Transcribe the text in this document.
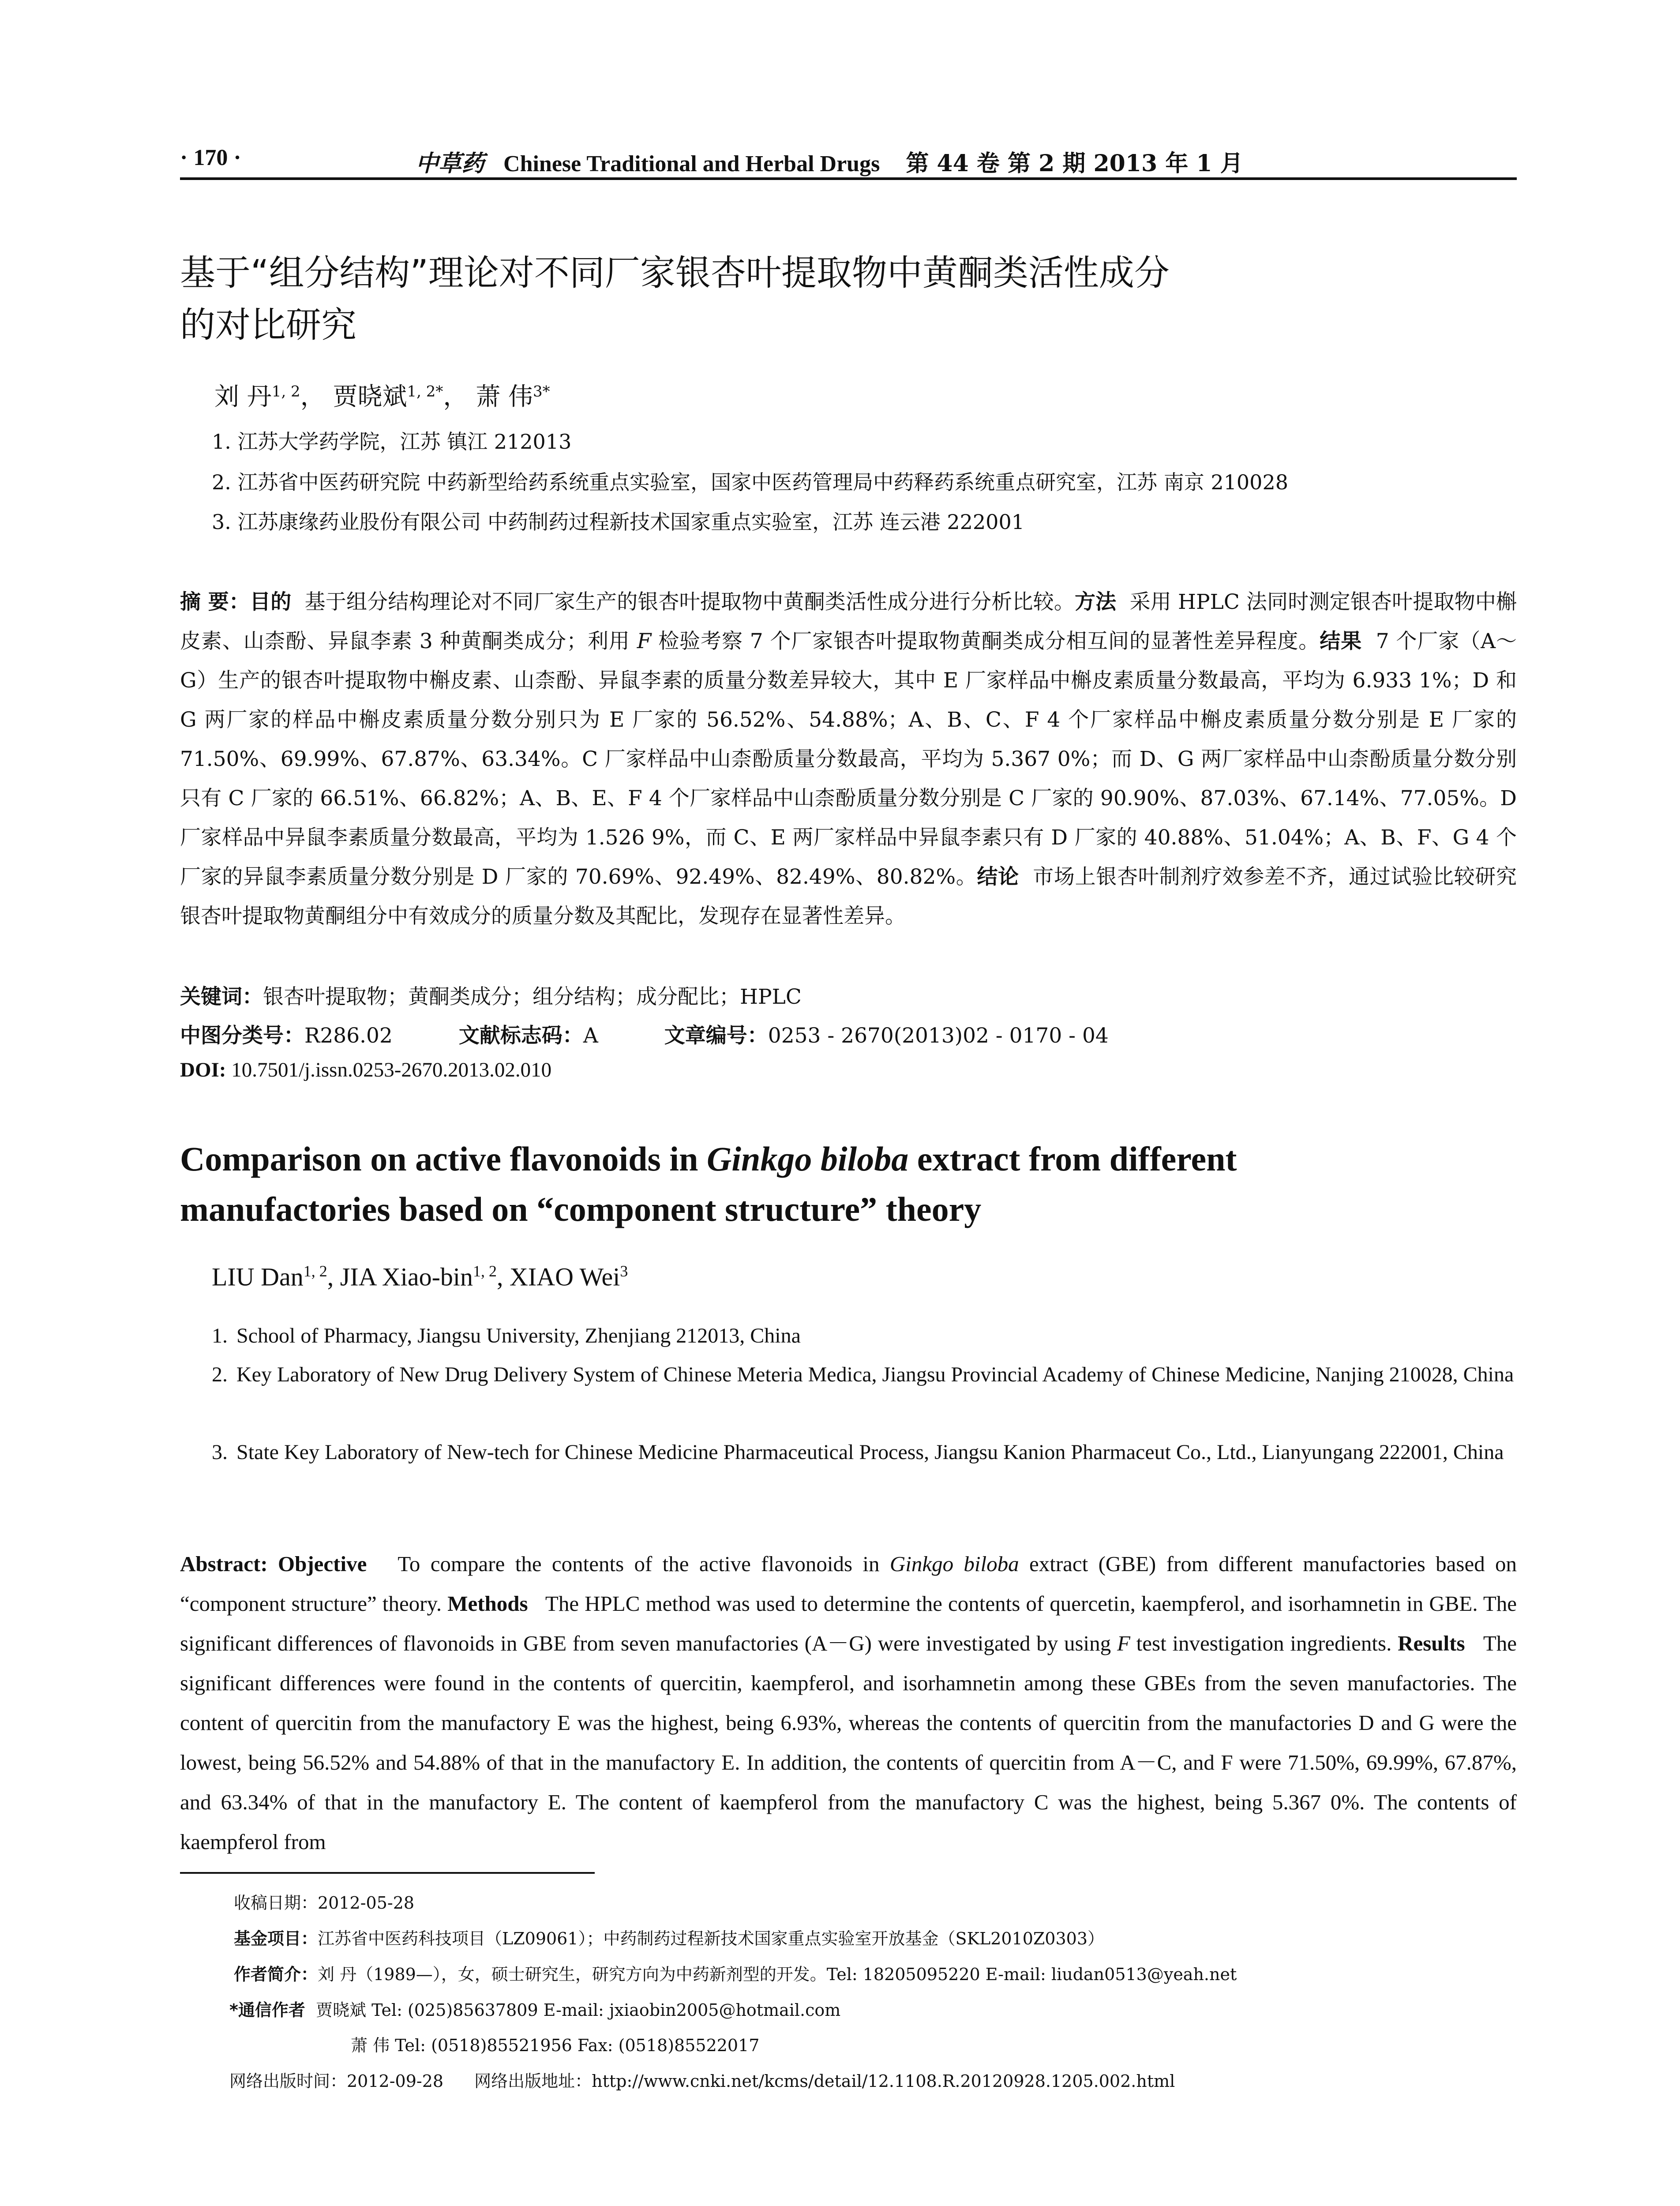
· 170 ·	中草药 Chinese Traditional and Herbal Drugs 第 44 卷 第 2 期 2013 年 1 月
基于“组分结构”理论对不同厂家银杏叶提取物中黄酮类活性成分
的对比研究
刘 丹$^{1, 2}$， 贾晓斌$^{1, 2*}$， 萧 伟$^{3*}$
1. 江苏大学药学院，江苏 镇江 212013
2. 江苏省中医药研究院 中药新型给药系统重点实验室，国家中医药管理局中药释药系统重点研究室，江苏 南京 210028
3. 江苏康缘药业股份有限公司 中药制药过程新技术国家重点实验室，江苏 连云港 222001
摘 要：目的 基于组分结构理论对不同厂家生产的银杏叶提取物中黄酮类活性成分进行分析比较。方法 采用 HPLC 法同时测定银杏叶提取物中槲皮素、山柰酚、异鼠李素 3 种黄酮类成分；利用 F 检验考察 7 个厂家银杏叶提取物黄酮类成分相互间的显著性差异程度。结果 7 个厂家（A～G）生产的银杏叶提取物中槲皮素、山柰酚、异鼠李素的质量分数差异较大，其中 E 厂家样品中槲皮素质量分数最高，平均为 6.933 1%；D 和 G 两厂家的样品中槲皮素质量分数分别只为 E 厂家的 56.52%、54.88%；A、B、C、F 4 个厂家样品中槲皮素质量分数分别是 E 厂家的 71.50%、69.99%、67.87%、63.34%。C 厂家样品中山柰酚质量分数最高，平均为 5.367 0%；而 D、G 两厂家样品中山柰酚质量分数分别只有 C 厂家的 66.51%、66.82%；A、B、E、F 4 个厂家样品中山柰酚质量分数分别是 C 厂家的 90.90%、87.03%、67.14%、77.05%。D 厂家样品中异鼠李素质量分数最高，平均为 1.526 9%，而 C、E 两厂家样品中异鼠李素只有 D 厂家的 40.88%、51.04%；A、B、F、G 4 个厂家的异鼠李素质量分数分别是 D 厂家的 70.69%、92.49%、82.49%、80.82%。结论 市场上银杏叶制剂疗效参差不齐，通过试验比较研究银杏叶提取物黄酮组分中有效成分的质量分数及其配比，发现存在显著性差异。
关键词：银杏叶提取物；黄酮类成分；组分结构；成分配比；HPLC
中图分类号：R286.02	文献标志码：A	文章编号：0253 - 2670(2013)02 - 0170 - 04
DOI: 10.7501/j.issn.0253-2670.2013.02.010
Comparison on active flavonoids in Ginkgo biloba extract from different
manufactories based on “component structure” theory
LIU Dan$^{1, 2}$, JIA Xiao-bin$^{1, 2}$, XIAO Wei$^3$
1. School of Pharmacy, Jiangsu University, Zhenjiang 212013, China
2. Key Laboratory of New Drug Delivery System of Chinese Meteria Medica, Jiangsu Provincial Academy of Chinese Medicine, Nanjing 210028, China
3. State Key Laboratory of New-tech for Chinese Medicine Pharmaceutical Process, Jiangsu Kanion Pharmaceut Co., Ltd., Lianyungang 222001, China
Abstract: Objective To compare the contents of the active flavonoids in Ginkgo biloba extract (GBE) from different manufactories based on “component structure” theory. Methods The HPLC method was used to determine the contents of quercetin, kaempferol, and isorhamnetin in GBE. The significant differences of flavonoids in GBE from seven manufactories (A－G) were investigated by using F test investigation ingredients. Results The significant differences were found in the contents of quercitin, kaempferol, and isorhamnetin among these GBEs from the seven manufactories. The content of quercitin from the manufactory E was the highest, being 6.93%, whereas the contents of quercitin from the manufactories D and G were the lowest, being 56.52% and 54.88% of that in the manufactory E. In addition, the contents of quercitin from A－C, and F were 71.50%, 69.99%, 67.87%, and 63.34% of that in the manufactory E. The content of kaempferol from the manufactory C was the highest, being 5.367 0%. The contents of kaempferol from
收稿日期：2012-05-28
基金项目：江苏省中医药科技项目（LZ09061）；中药制药过程新技术国家重点实验室开放基金（SKL2010Z0303）
作者简介：刘 丹（1989—），女，硕士研究生，研究方向为中药新剂型的开发。Tel: 18205095220 E-mail: liudan0513@yeah.net
*通信作者 贾晓斌 Tel: (025)85637809 E-mail: jxiaobin2005@hotmail.com
萧 伟 Tel: (0518)85521956 Fax: (0518)85522017
网络出版时间：2012-09-28 网络出版地址：http://www.cnki.net/kcms/detail/12.1108.R.20120928.1205.002.html
